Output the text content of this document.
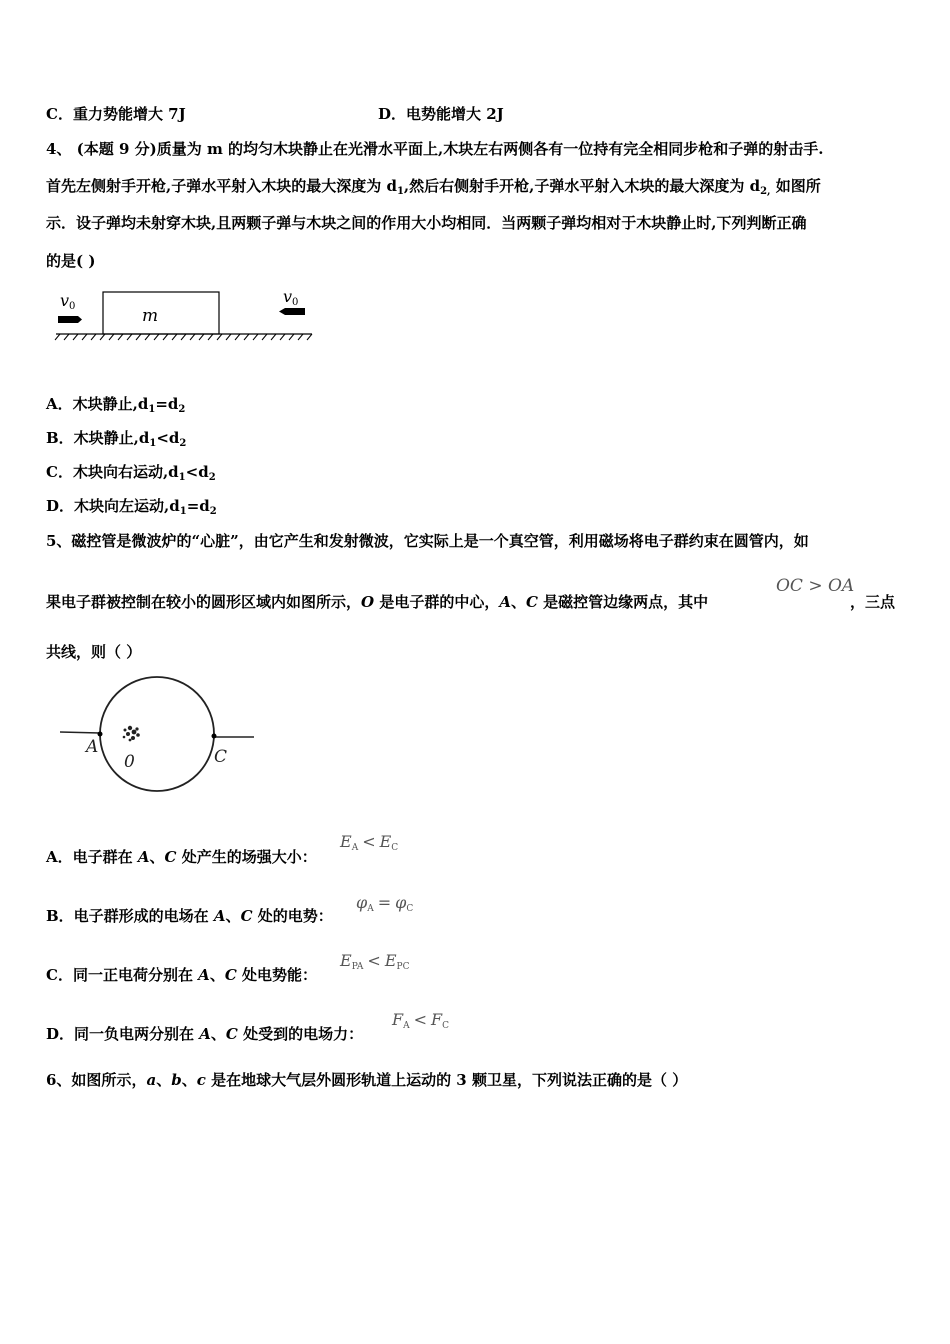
C．重力势能增大 7J	D．电势能增大 2J
4、 (本题 9 分)质量为 m 的均匀木块静止在光滑水平面上,木块左右两侧各有一位持有完全相同步枪和子弹的射击手.
首先左侧射手开枪,子弹水平射入木块的最大深度为 $d_1$,然后右侧射手开枪,子弹水平射入木块的最大深度为 $d_{2,}$ 如图所
示．设子弹均未射穿木块,且两颗子弹与木块之间的作用大小均相同．当两颗子弹均相对于木块静止时,下列判断正确
的是( )
v0	m
v0
A．木块静止$,d_1=d_2$
B．木块静止$,d_1<d_2$
C．木块向右运动$,d_1<d_2$
D．木块向左运动$,d_1=d_2$
5、磁控管是微波炉的“心脏”，由它产生和发射微波，它实际上是一个真空管，利用磁场将电子群约束在圆管内，如
果电子群被控制在较小的圆形区域内如图所示，O 是电子群的中心，A、C 是磁控管边缘两点，其中
OC > OA
，三点
共线，则（ ）
A
0	C
A．电子群在 A、C 处产生的场强大小：
$E_A < E_C$
B．电子群形成的电场在 A、C 处的电势：
$\varphi_A = \varphi_C$
C．同一正电荷分别在 A、C 处电势能：
$E_{PA} < E_{PC}$
D．同一负电两分别在 A、C 处受到的电场力：
$F_A < F_C$
6、如图所示，a、b、c 是在地球大气层外圆形轨道上运动的 3 颗卫星，下列说法正确的是（ ）
